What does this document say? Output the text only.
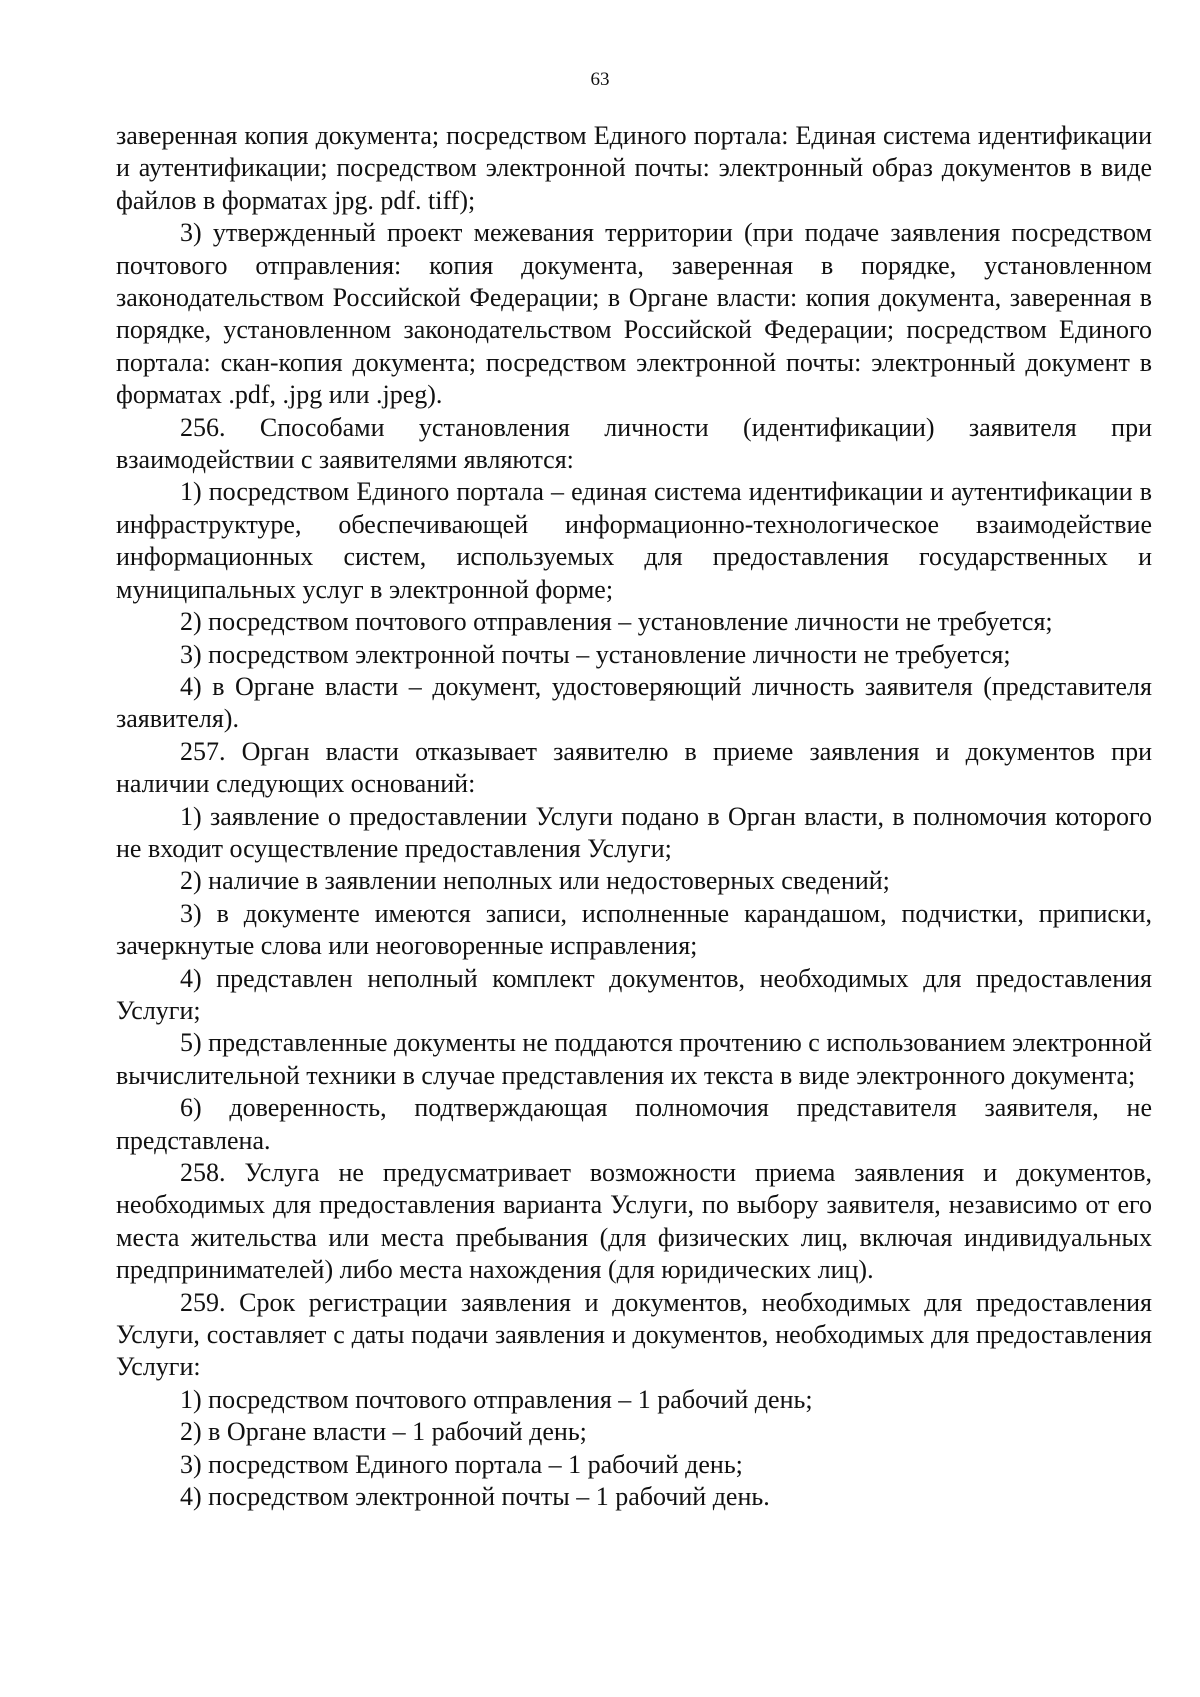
63

заверенная копия документа; посредством Единого портала: Единая система идентификации и аутентификации; посредством электронной почты: электронный образ документов в виде файлов в форматах jpg. pdf. tiff);

3) утвержденный проект межевания территории (при подаче заявления посредством почтового отправления: копия документа, заверенная в порядке, установленном законодательством Российской Федерации; в Органе власти: копия документа, заверенная в порядке, установленном законодательством Российской Федерации; посредством Единого портала: скан-копия документа; посредством электронной почты: электронный документ в форматах .pdf, .jpg или .jpeg).

256. Способами установления личности (идентификации) заявителя при взаимодействии с заявителями являются:

1) посредством Единого портала – единая система идентификации и аутентификации в инфраструктуре, обеспечивающей информационно-технологическое взаимодействие информационных систем, используемых для предоставления государственных и муниципальных услуг в электронной форме;

2) посредством почтового отправления – установление личности не требуется;

3) посредством электронной почты – установление личности не требуется;

4) в Органе власти – документ, удостоверяющий личность заявителя (представителя заявителя).

257. Орган власти отказывает заявителю в приеме заявления и документов при наличии следующих оснований:

1) заявление о предоставлении Услуги подано в Орган власти, в полномочия которого не входит осуществление предоставления Услуги;

2) наличие в заявлении неполных или недостоверных сведений;

3) в документе имеются записи, исполненные карандашом, подчистки, приписки, зачеркнутые слова или неоговоренные исправления;

4) представлен неполный комплект документов, необходимых для предоставления Услуги;

5) представленные документы не поддаются прочтению с использованием электронной вычислительной техники в случае представления их текста в виде электронного документа;

6) доверенность, подтверждающая полномочия представителя заявителя, не представлена.

258. Услуга не предусматривает возможности приема заявления и документов, необходимых для предоставления варианта Услуги, по выбору заявителя, независимо от его места жительства или места пребывания (для физических лиц, включая индивидуальных предпринимателей) либо места нахождения (для юридических лиц).

259. Срок регистрации заявления и документов, необходимых для предоставления Услуги, составляет с даты подачи заявления и документов, необходимых для предоставления Услуги:

1) посредством почтового отправления – 1 рабочий день;

2) в Органе власти – 1 рабочий день;

3) посредством Единого портала – 1 рабочий день;

4) посредством электронной почты – 1 рабочий день.
